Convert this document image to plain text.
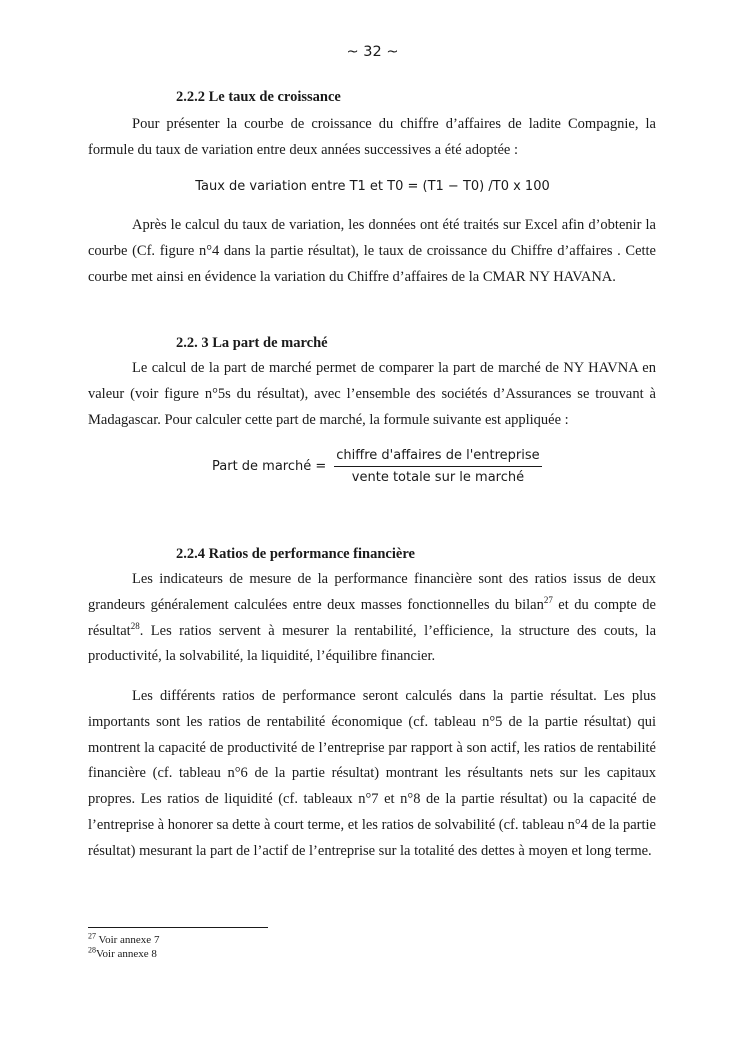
~ 32 ~
2.2.2 Le taux de croissance

Pour présenter la courbe de croissance du chiffre d’affaires de ladite Compagnie, la formule du taux de variation entre deux années successives a été adoptée :

Taux de variation entre T1 et T0 = (T1 − T0) /T0 x 100

Après le calcul du taux de variation, les données ont été traités sur Excel afin d’obtenir la courbe (Cf. figure n°4 dans la partie résultat), le taux de croissance du Chiffre d’affaires . Cette courbe met ainsi en évidence la variation du Chiffre d’affaires de la CMAR NY HAVANA.

2.2. 3 La part de marché

Le calcul de la part de marché permet de comparer la part de marché de NY HAVNA en valeur (voir figure n°5s du résultat), avec l’ensemble des sociétés d’Assurances se trouvant à Madagascar. Pour calculer cette part de marché, la formule suivante est appliquée :

Part de marché = $\frac{\text{chiffre d'affaires de l'entreprise}}{\text{vente totale sur le marché}}$
2.2.4 Ratios de performance financière

Les indicateurs de mesure de la performance financière sont des ratios issus de deux grandeurs généralement calculées entre deux masses fonctionnelles du bilan$^{27}$ et du compte de résultat$^{28}$. Les ratios servent à mesurer la rentabilité, l’efficience, la structure des couts, la productivité, la solvabilité, la liquidité, l’équilibre financier.

Les différents ratios de performance seront calculés dans la partie résultat. Les plus importants sont les ratios de rentabilité économique (cf. tableau n°5 de la partie résultat) qui montrent la capacité de productivité de l’entreprise par rapport à son actif, les ratios de rentabilité financière (cf. tableau n°6 de la partie résultat) montrant les résultants nets sur les capitaux propres. Les ratios de liquidité (cf. tableaux n°7 et n°8 de la partie résultat) ou la capacité de l’entreprise à honorer sa dette à court terme, et les ratios de solvabilité (cf. tableau n°4 de la partie résultat) mesurant la part de l’actif de l’entreprise sur la totalité des dettes à moyen et long terme.

$^{27}$ Voir annexe 7
$^{28}$Voir annexe 8
